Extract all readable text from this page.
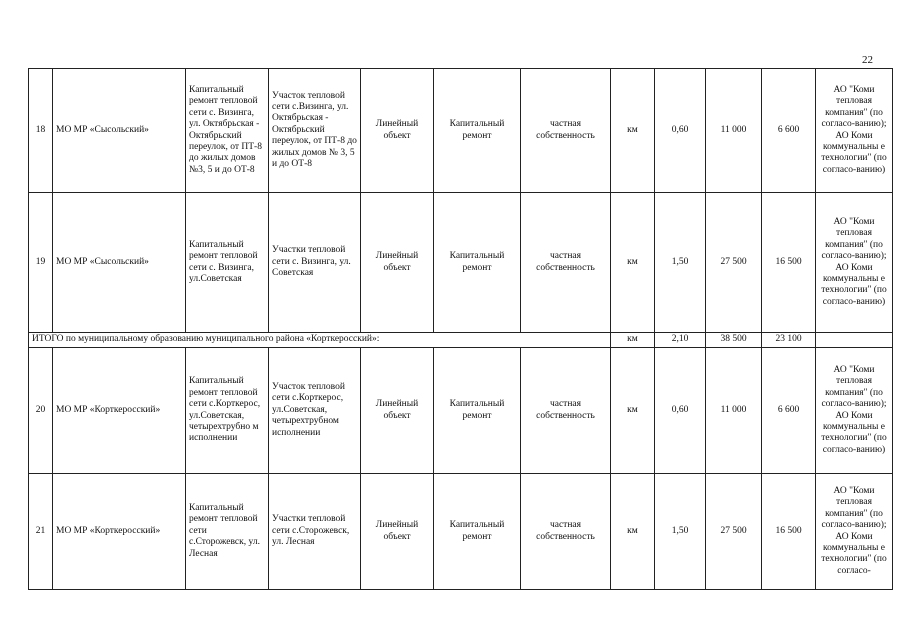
22
18	МО МР «Сысольский»	Капитальный ремонт тепловой сети с. Визинга, ул. Октябрьская - Октябрьский переулок, от ПТ-8 до жилых домов №3, 5 и до ОТ-8	Участок тепловой сети с.Визинга, ул. Октябрьская - Октябрьский переулок, от ПТ-8 до жилых домов № 3, 5 и до ОТ-8	Линейный объект	Капитальный ремонт	частная собственность	км	0,60	11 000	6 600	АО "Коми тепловая компания" (по согласо-ванию); АО Коми коммунальны е технологии" (по согласо-ванию)
19	МО МР «Сысольский»	Капитальный ремонт тепловой сети с. Визинга, ул.Советская	Участки тепловой сети с. Визинга, ул. Советская	Линейный объект	Капитальный ремонт	частная собственность	км	1,50	27 500	16 500	АО "Коми тепловая компания" (по согласо-ванию); АО Коми коммунальны е технологии" (по согласо-ванию)
ИТОГО по муниципальному образованию муниципального района «Корткеросский»:							км	2,10	38 500	23 100	
20	МО МР «Корткеросский»	Капитальный ремонт тепловой сети с.Корткерос, ул.Советская, четырехтрубно м исполнении	Участок тепловой сети с.Корткерос, ул.Советская, четырехтрубном исполнении	Линейный объект	Капитальный ремонт	частная собственность	км	0,60	11 000	6 600	АО "Коми тепловая компания" (по согласо-ванию); АО Коми коммунальны е технологии" (по согласо-ванию)
21	МО МР «Корткеросский»	Капитальный ремонт тепловой сети с.Сторожевск, ул. Лесная	Участки тепловой сети с.Сторожевск, ул. Лесная	Линейный объект	Капитальный ремонт	частная собственность	км	1,50	27 500	16 500	АО "Коми тепловая компания" (по согласо-ванию); АО Коми коммунальны е технологии" (по согласо-
